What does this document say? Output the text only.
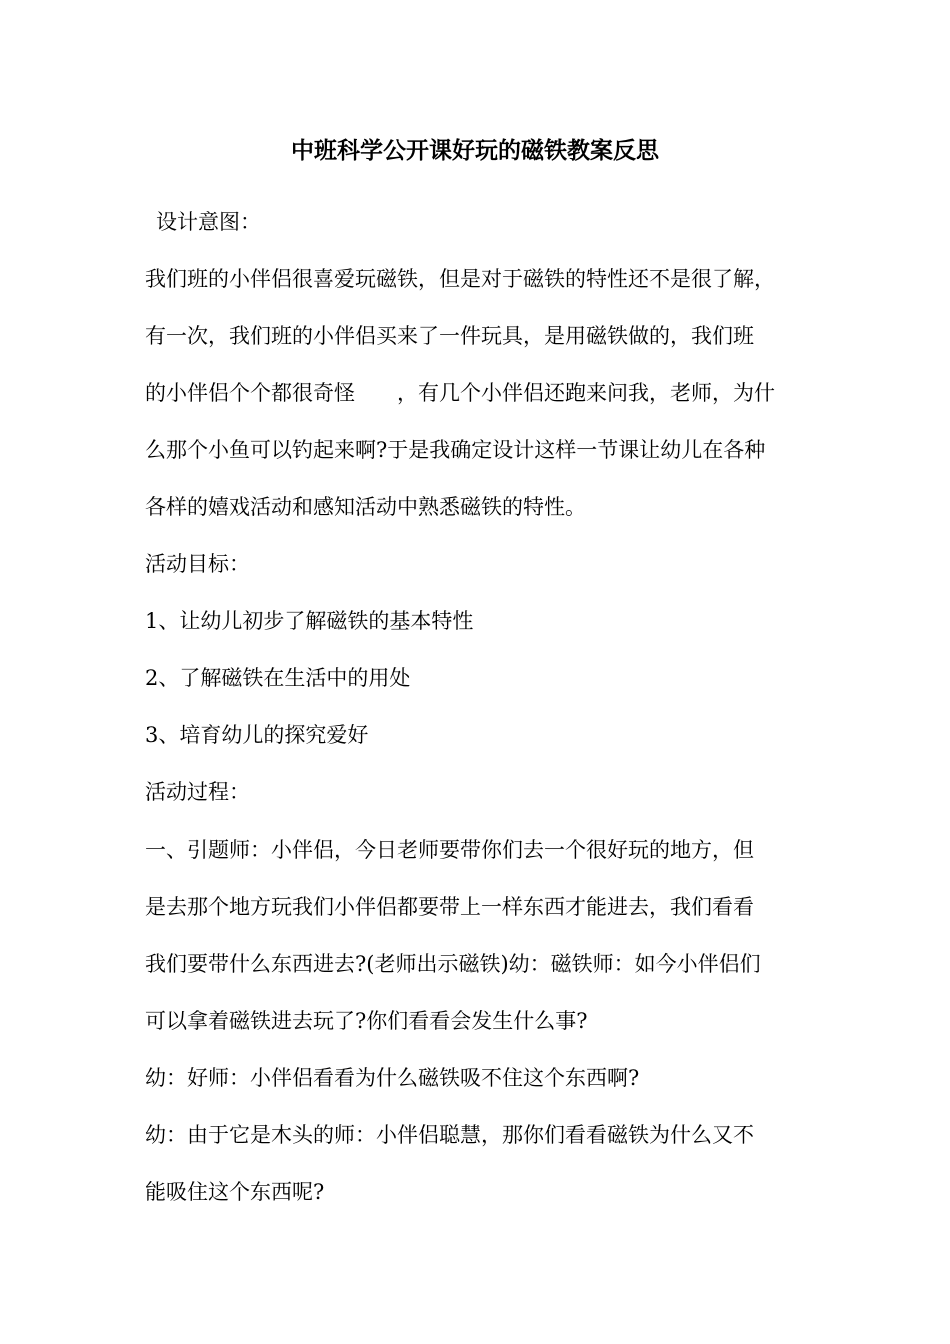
中班科学公开课好玩的磁铁教案反思
设计意图：
我们班的小伴侣很喜爱玩磁铁，但是对于磁铁的特性还不是很了解，
有一次，我们班的小伴侣买来了一件玩具，是用磁铁做的，我们班
的小伴侣个个都很奇怪　　，有几个小伴侣还跑来问我，老师，为什
么那个小鱼可以钓起来啊?于是我确定设计这样一节课让幼儿在各种
各样的嬉戏活动和感知活动中熟悉磁铁的特性。
活动目标：
1、让幼儿初步了解磁铁的基本特性
2、了解磁铁在生活中的用处
3、培育幼儿的探究爱好
活动过程：
一、引题师：小伴侣，今日老师要带你们去一个很好玩的地方，但
是去那个地方玩我们小伴侣都要带上一样东西才能进去，我们看看
我们要带什么东西进去?(老师出示磁铁)幼：磁铁师：如今小伴侣们
可以拿着磁铁进去玩了?你们看看会发生什么事?
幼：好师：小伴侣看看为什么磁铁吸不住这个东西啊?
幼：由于它是木头的师：小伴侣聪慧，那你们看看磁铁为什么又不
能吸住这个东西呢?
